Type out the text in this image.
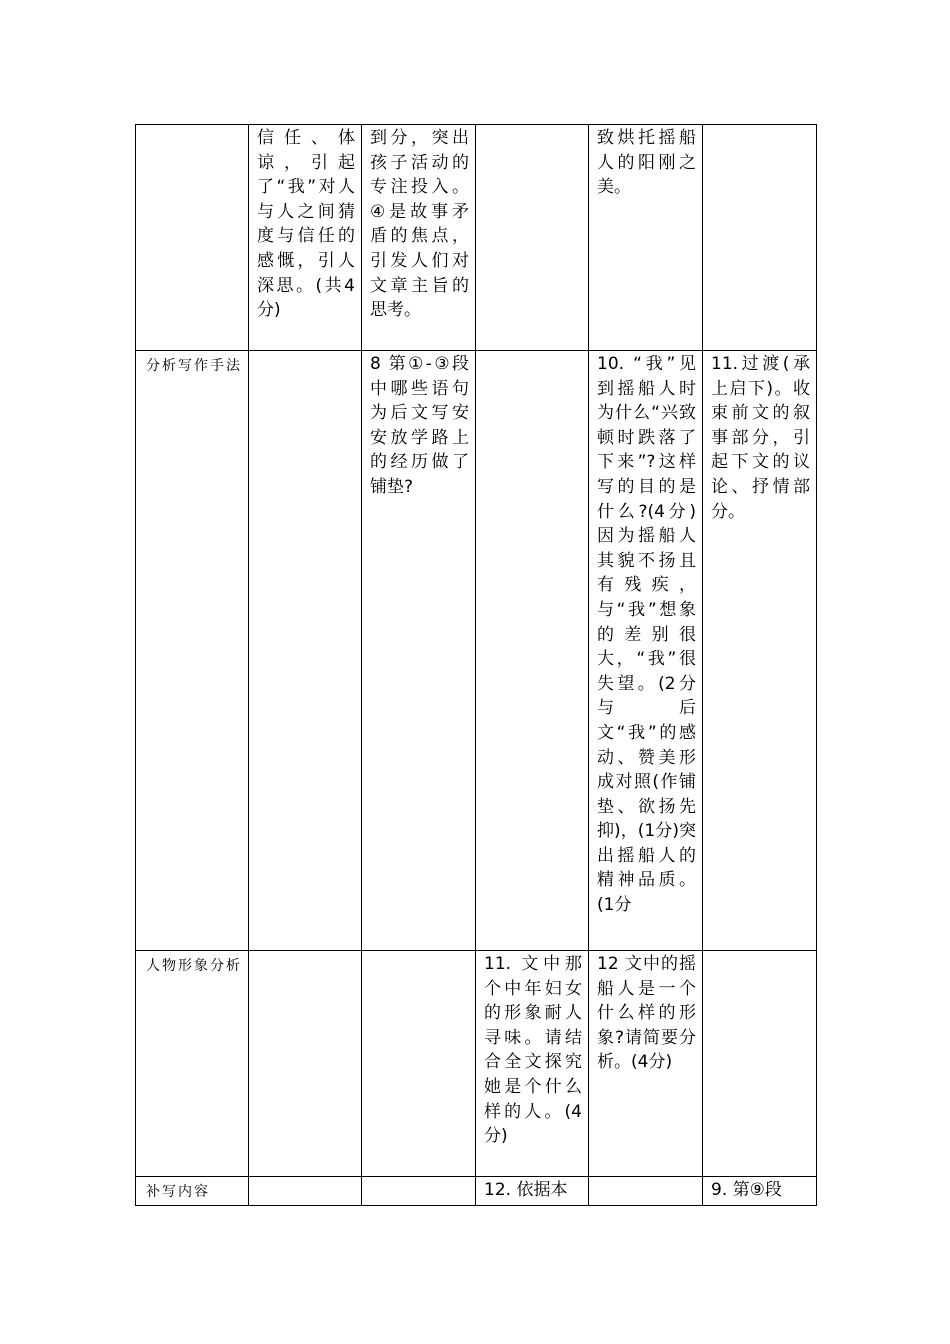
	信任、体谅，引起了“我”对人与人之间猜度与信任的感慨，引人深思。(共4分)	到分，突出孩子活动的专注投入。④是故事矛盾的焦点，引发人们对文章主旨的思考。		致烘托摇船人的阳刚之美。	
分析写作手法		8 第①-③段中哪些语句为后文写安安放学路上的经历做了铺垫?		10. “我”见到摇船人时为什么“兴致顿时跌落了下来”?这样写的目的是什么?(4分) 因为摇船人其貌不扬且有残疾，与“我”想象的差别很大，“我”很失望。(2分与后文“我”的感动、赞美形成对照(作铺垫、欲扬先抑)，(1分)突出摇船人的精神品质。(1分	11.过渡(承上启下)。收束前文的叙事部分，引起下文的议论、抒情部分。
人物形象分析			11. 文中那个中年妇女的形象耐人寻味。请结合全文探究她是个什么样的人。(4分)	12 文中的摇船人是一个什么样的形象?请简要分析。(4分)	
补写内容			12. 依据本		9. 第⑨段
